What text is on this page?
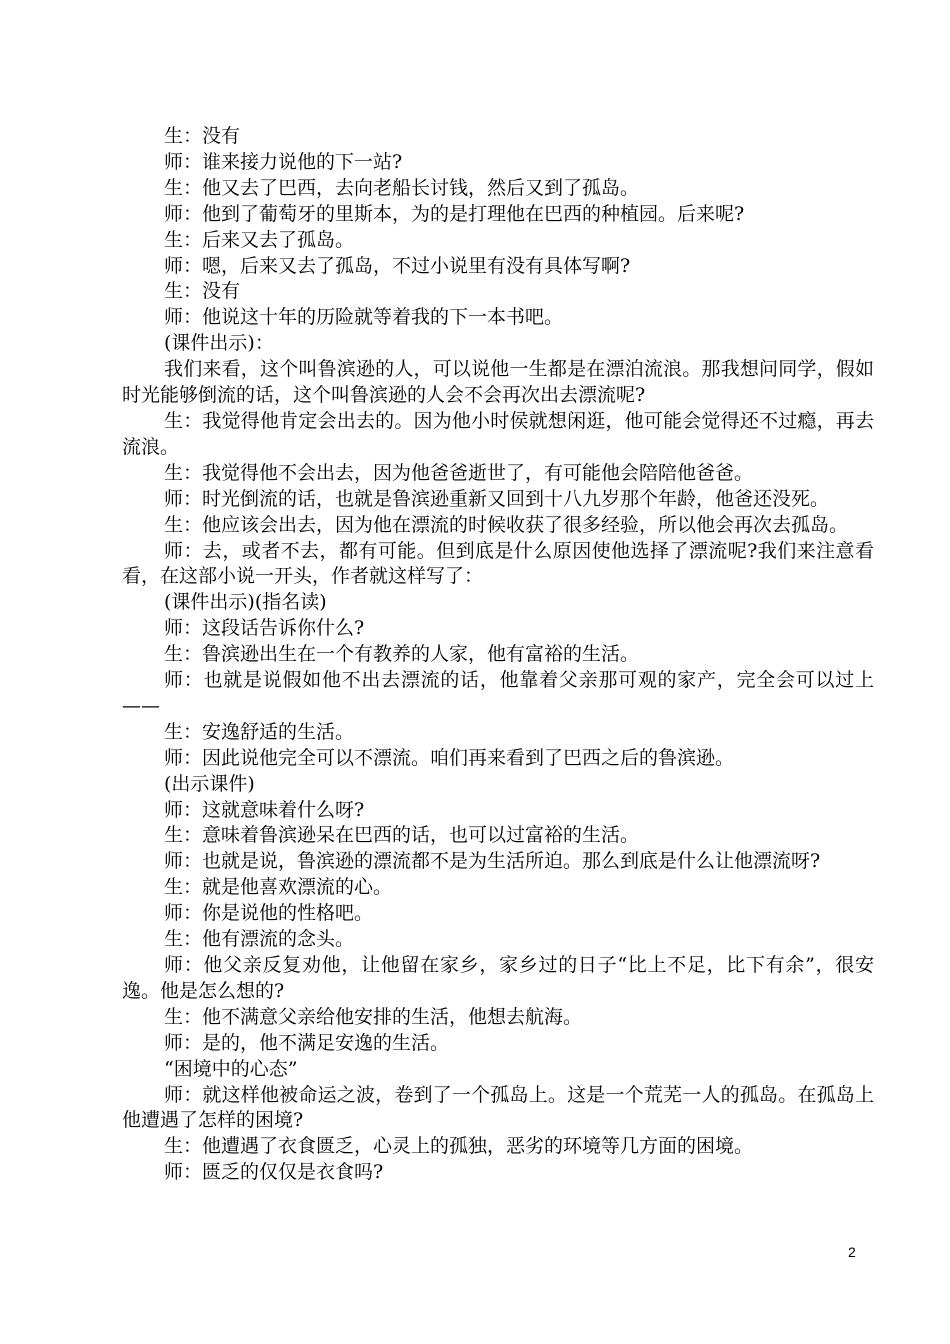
生：没有

师：谁来接力说他的下一站?

生：他又去了巴西，去向老船长讨钱，然后又到了孤岛。

师：他到了葡萄牙的里斯本，为的是打理他在巴西的种植园。后来呢?

生：后来又去了孤岛。

师：嗯，后来又去了孤岛，不过小说里有没有具体写啊?

生：没有

师：他说这十年的历险就等着我的下一本书吧。

(课件出示)：

我们来看，这个叫鲁滨逊的人，可以说他一生都是在漂泊流浪。那我想问同学，假如时光能够倒流的话，这个叫鲁滨逊的人会不会再次出去漂流呢?

生：我觉得他肯定会出去的。因为他小时侯就想闲逛，他可能会觉得还不过瘾，再去流浪。

生：我觉得他不会出去，因为他爸爸逝世了，有可能他会陪陪他爸爸。

师：时光倒流的话，也就是鲁滨逊重新又回到十八九岁那个年龄，他爸还没死。

生：他应该会出去，因为他在漂流的时候收获了很多经验，所以他会再次去孤岛。

师：去，或者不去，都有可能。但到底是什么原因使他选择了漂流呢?我们来注意看看，在这部小说一开头，作者就这样写了：

(课件出示)(指名读)

师：这段话告诉你什么?

生：鲁滨逊出生在一个有教养的人家，他有富裕的生活。

师：也就是说假如他不出去漂流的话，他靠着父亲那可观的家产，完全会可以过上——

生：安逸舒适的生活。

师：因此说他完全可以不漂流。咱们再来看到了巴西之后的鲁滨逊。

(出示课件)

师：这就意味着什么呀?

生：意味着鲁滨逊呆在巴西的话，也可以过富裕的生活。

师：也就是说，鲁滨逊的漂流都不是为生活所迫。那么到底是什么让他漂流呀?

生：就是他喜欢漂流的心。

师：你是说他的性格吧。

生：他有漂流的念头。

师：他父亲反复劝他，让他留在家乡，家乡过的日子“比上不足，比下有余”，很安逸。他是怎么想的?

生：他不满意父亲给他安排的生活，他想去航海。

师：是的，他不满足安逸的生活。

“困境中的心态”

师：就这样他被命运之波，卷到了一个孤岛上。这是一个荒芜一人的孤岛。在孤岛上他遭遇了怎样的困境?

生：他遭遇了衣食匮乏，心灵上的孤独，恶劣的环境等几方面的困境。

师：匮乏的仅仅是衣食吗?

2
